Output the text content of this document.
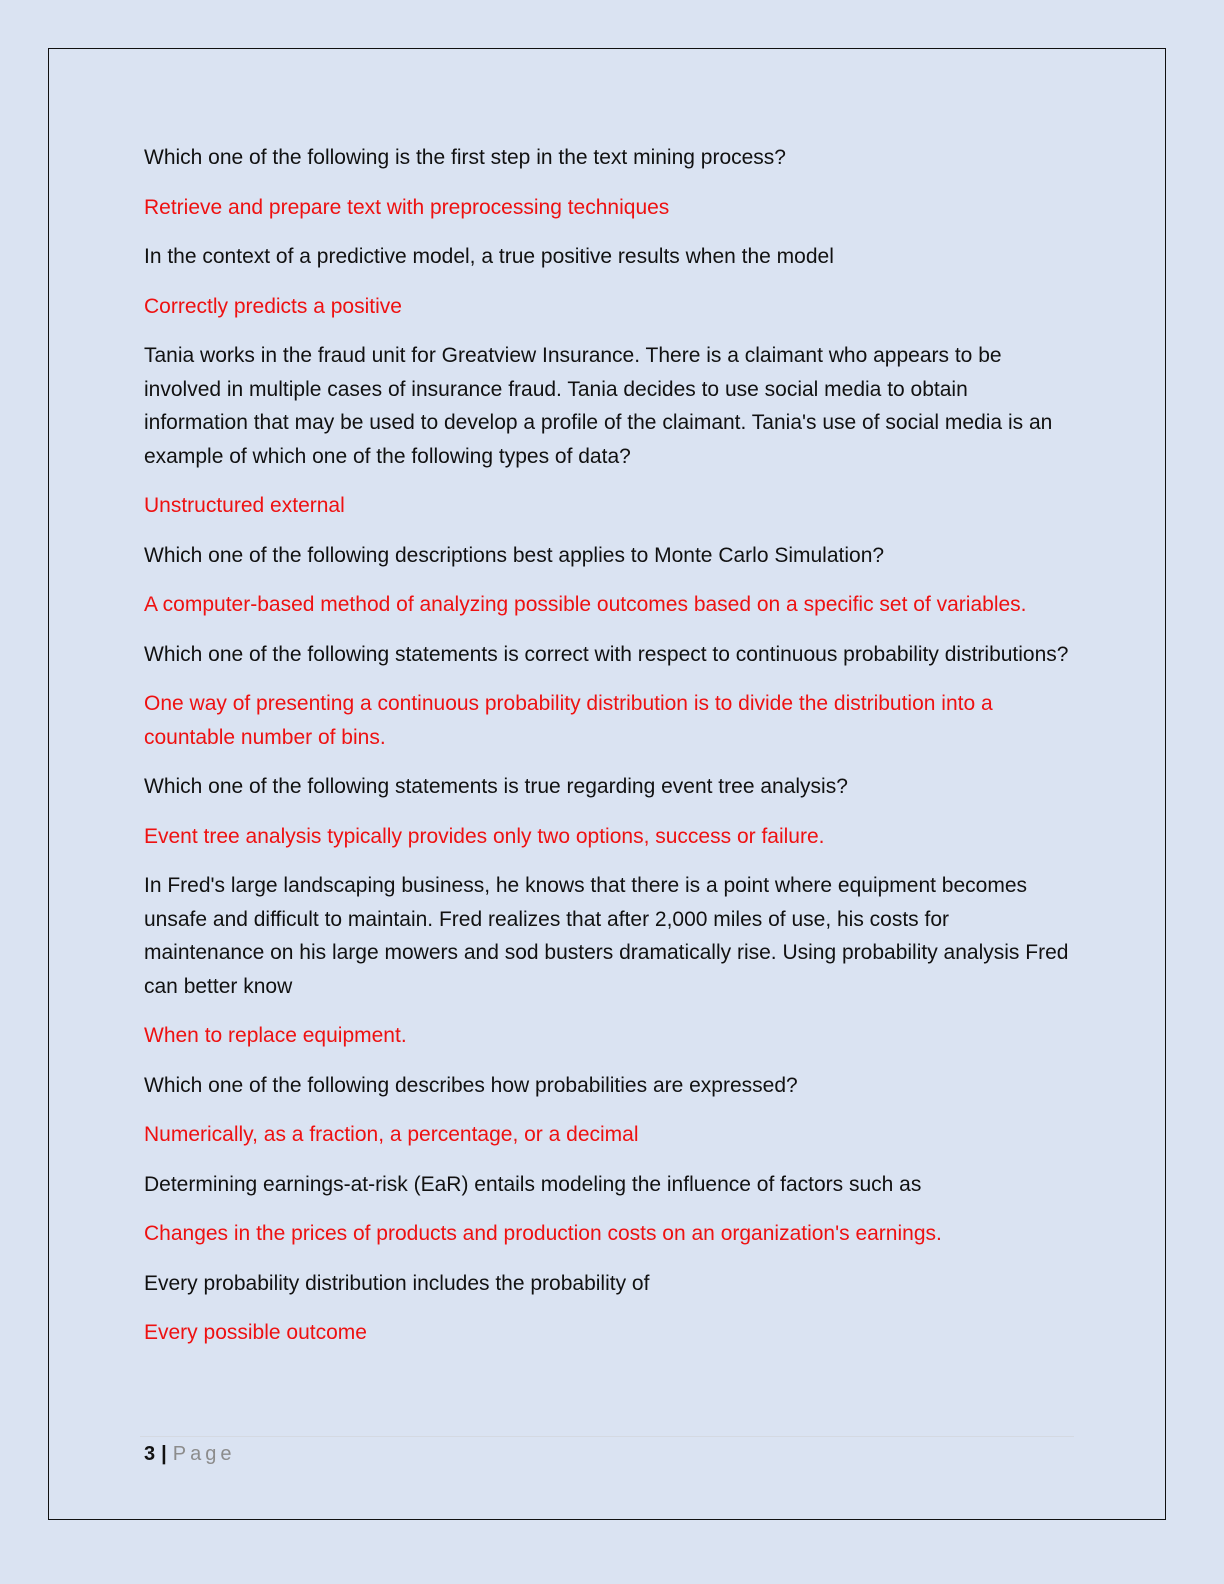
Which one of the following is the first step in the text mining process?

Retrieve and prepare text with preprocessing techniques

In the context of a predictive model, a true positive results when the model

Correctly predicts a positive

Tania works in the fraud unit for Greatview Insurance. There is a claimant who appears to be involved in multiple cases of insurance fraud. Tania decides to use social media to obtain information that may be used to develop a profile of the claimant. Tania's use of social media is an example of which one of the following types of data?

Unstructured external

Which one of the following descriptions best applies to Monte Carlo Simulation?

A computer-based method of analyzing possible outcomes based on a specific set of variables.

Which one of the following statements is correct with respect to continuous probability distributions?

One way of presenting a continuous probability distribution is to divide the distribution into a countable number of bins.

Which one of the following statements is true regarding event tree analysis?

Event tree analysis typically provides only two options, success or failure.

In Fred's large landscaping business, he knows that there is a point where equipment becomes unsafe and difficult to maintain. Fred realizes that after 2,000 miles of use, his costs for maintenance on his large mowers and sod busters dramatically rise. Using probability analysis Fred can better know

When to replace equipment.

Which one of the following describes how probabilities are expressed?

Numerically, as a fraction, a percentage, or a decimal

Determining earnings-at-risk (EaR) entails modeling the influence of factors such as

Changes in the prices of products and production costs on an organization's earnings.

Every probability distribution includes the probability of

Every possible outcome

3 | Page
